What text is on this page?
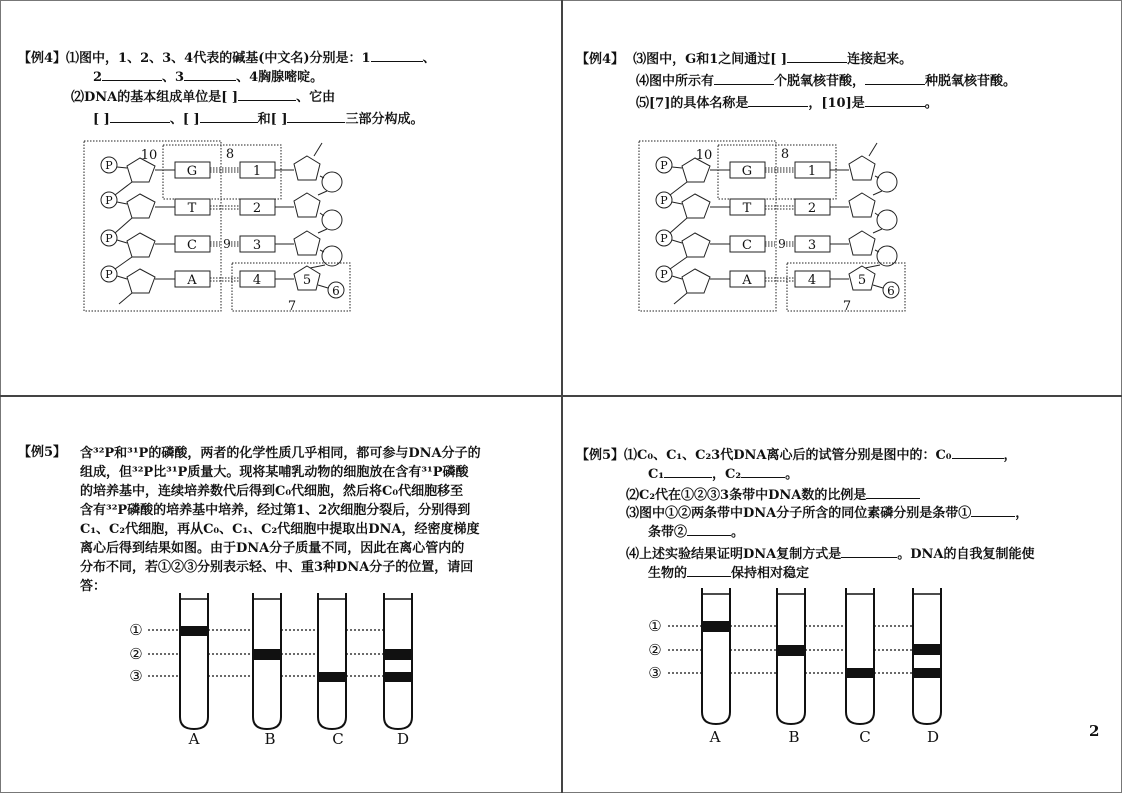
【例4】⑴图中，1、2、3、4代表的碱基(中文名)分别是：1	、
2	、3	、4胸腺嘧啶。
⑵DNA的基本组成单位是[ ]	、它由
[ ]	、[ ]	和[ ]	三部分构成。
P
P
P
P
G
T
C
A
1
2
3
4
10	8
9
5
6
7
【例4】 ⑶图中，G和1之间通过[ ]	连接起来。
⑷图中所示有	个脱氧核苷酸，	种脱氧核苷酸。
⑸[7]的具体名称是	，[10]是	。
P
P
P
P
G
T
C
A
1
2
3
4
10	8
9
5
6
7
【例5】 含³²P和³¹P的磷酸，两者的化学性质几乎相同，都可参与DNA分子的
组成，但³²P比³¹P质量大。现将某哺乳动物的细胞放在含有³¹P磷酸
的培养基中，连续培养数代后得到C₀代细胞，然后将C₀代细胞移至
含有³²P磷酸的培养基中培养，经过第1、2次细胞分裂后，分别得到
C₁、C₂代细胞，再从C₀、C₁、C₂代细胞中提取出DNA，经密度梯度
离心后得到结果如图。由于DNA分子质量不同，因此在离心管内的
分布不同，若①②③分别表示轻、中、重3种DNA分子的位置，请回
答：
①
②
③
A	B	C	D
【例5】⑴C₀、C₁、C₂3代DNA离心后的试管分别是图中的：C₀	，
C₁	，C₂	。
⑵C₂代在①②③3条带中DNA数的比例是
⑶图中①②两条带中DNA分子所含的同位素磷分别是条带①	，
条带②	。
⑷上述实验结果证明DNA复制方式是	。DNA的自我复制能使
生物的	保持相对稳定
①
②
③
A	B	C	D	2
